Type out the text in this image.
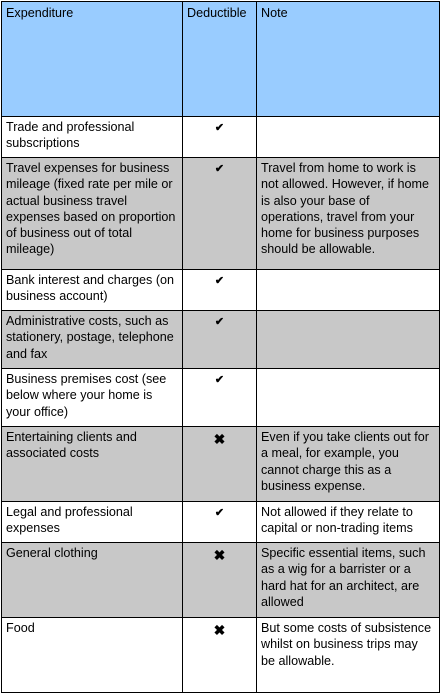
Expenditure	Deductible	Note
Trade and professional subscriptions	✔	
Travel expenses for business mileage (fixed rate per mile or actual business travel expenses based on proportion of business out of total mileage)	✔	Travel from home to work is not allowed. However, if home is also your base of operations, travel from your home for business purposes should be allowable.
Bank interest and charges (on business account)	✔	
Administrative costs, such as stationery, postage, telephone and fax	✔	
Business premises cost (see below where your home is your office)	✔	
Entertaining clients and associated costs	✖	Even if you take clients out for a meal, for example, you cannot charge this as a business expense.
Legal and professional expenses	✔	Not allowed if they relate to capital or non-trading items
General clothing	✖	Specific essential items, such as a wig for a barrister or a hard hat for an architect, are allowed
Food	✖	But some costs of subsistence whilst on business trips may be allowable.
